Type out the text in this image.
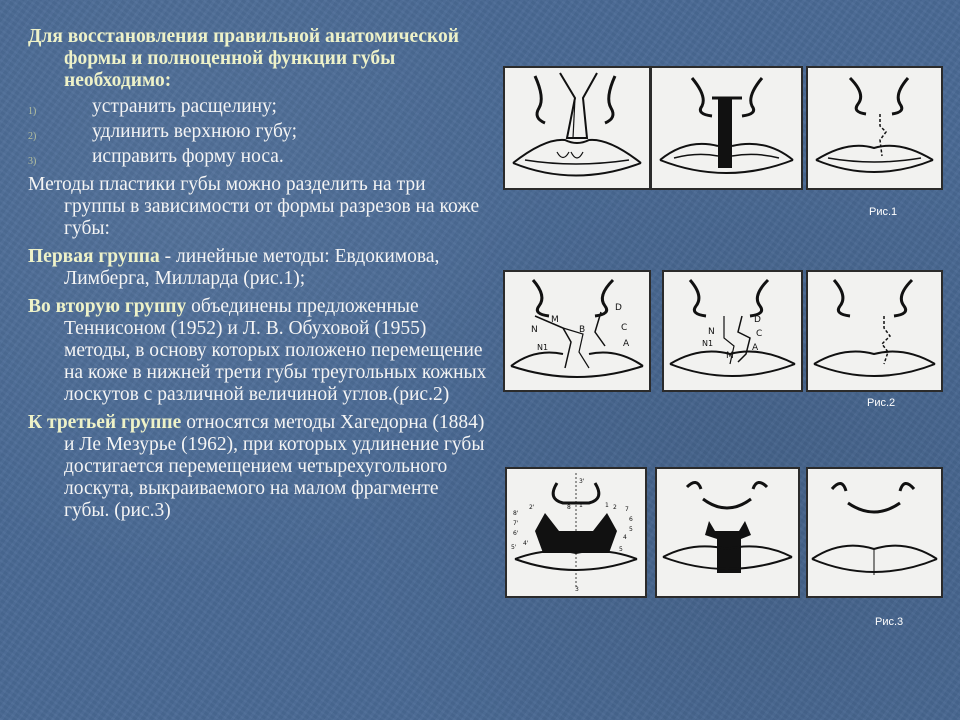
Для восстановления правильной анатомической формы и полноценной функции губы необходимо:

1)	устранить расщелину;
2)	удлинить верхнюю губу;
3)	исправить форму носа.

Методы пластики губы можно разделить на три группы в зависимости от формы разрезов на коже губы:

Первая группа - линейные методы: Евдокимова, Лимберга, Милларда (рис.1);

Во вторую группу объединены предложенные Теннисоном (1952) и Л. В. Обуховой (1955) методы, в основу которых положено перемещение на коже в нижней трети губы треугольных кожных лоскутов с различной величиной углов.(рис.2)

К третьей группе относятся методы Хагедорна (1884) и Ле Мезурье (1962), при которых удлинение губы достигается перемещением четырехугольного лоскута, выкраиваемого на малом фрагменте губы. (рис.3)

Рис.1
D
C
A
M
N
N1
B
D
C
A
N
N1
M
Рис.2
3'
1'
2'
8'
7'
6'
5'
4'
1 2 7
6
5
4
8
5
3
Рис.3
